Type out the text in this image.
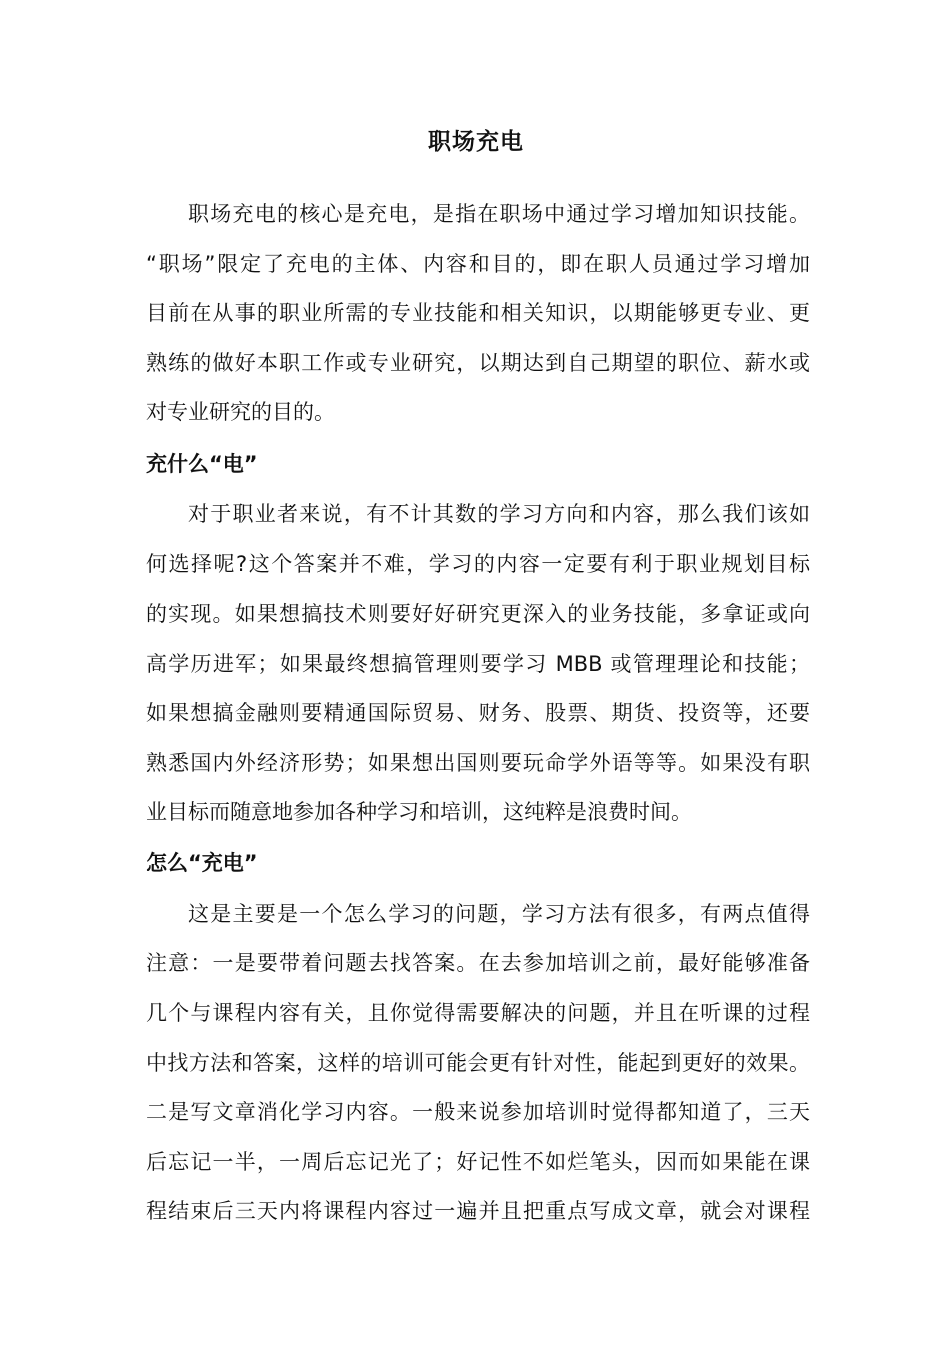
职场充电
职场充电的核心是充电，是指在职场中通过学习增加知识技能。
“职场”限定了充电的主体、内容和目的，即在职人员通过学习增加
目前在从事的职业所需的专业技能和相关知识，以期能够更专业、更
熟练的做好本职工作或专业研究，以期达到自己期望的职位、薪水或
对专业研究的目的。
充什么“电”
对于职业者来说，有不计其数的学习方向和内容，那么我们该如
何选择呢?这个答案并不难，学习的内容一定要有利于职业规划目标
的实现。如果想搞技术则要好好研究更深入的业务技能，多拿证或向
高学历进军；如果最终想搞管理则要学习 MBB 或管理理论和技能；
如果想搞金融则要精通国际贸易、财务、股票、期货、投资等，还要
熟悉国内外经济形势；如果想出国则要玩命学外语等等。如果没有职
业目标而随意地参加各种学习和培训，这纯粹是浪费时间。
怎么“充电”
这是主要是一个怎么学习的问题，学习方法有很多，有两点值得
注意：一是要带着问题去找答案。在去参加培训之前，最好能够准备
几个与课程内容有关，且你觉得需要解决的问题，并且在听课的过程
中找方法和答案，这样的培训可能会更有针对性，能起到更好的效果。
二是写文章消化学习内容。一般来说参加培训时觉得都知道了，三天
后忘记一半，一周后忘记光了；好记性不如烂笔头，因而如果能在课
程结束后三天内将课程内容过一遍并且把重点写成文章，就会对课程
